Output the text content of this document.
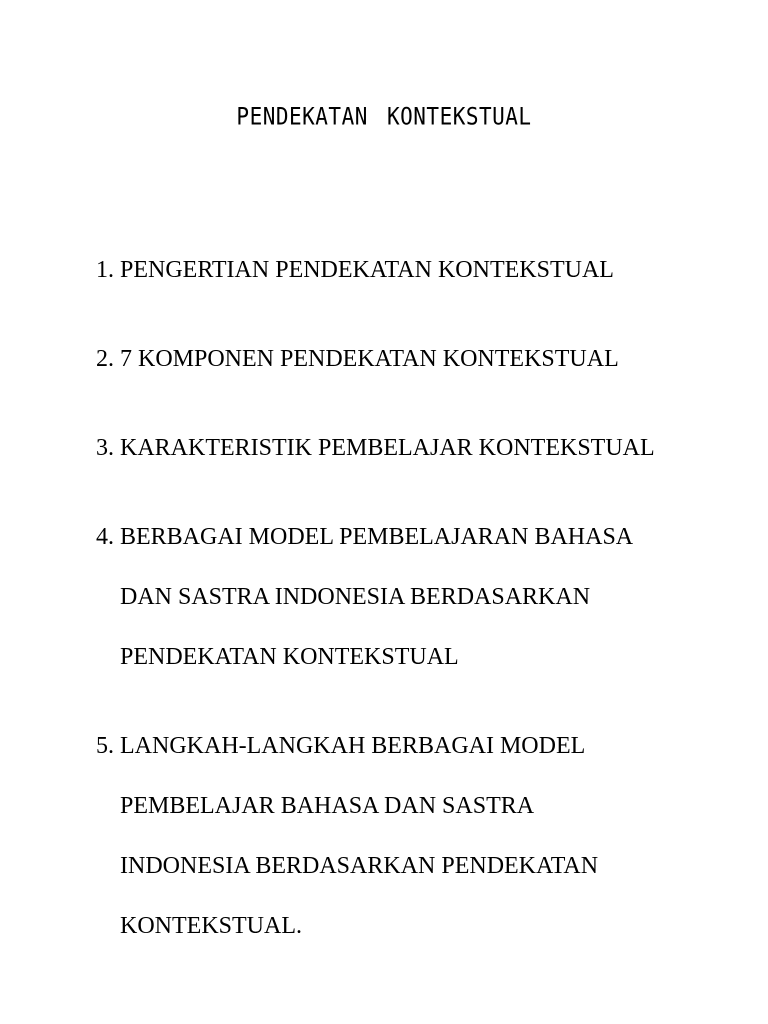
PENDEKATAN KONTEKSTUAL
1. PENGERTIAN PENDEKATAN KONTEKSTUAL
2. 7 KOMPONEN PENDEKATAN KONTEKSTUAL
3. KARAKTERISTIK PEMBELAJAR KONTEKSTUAL
4. BERBAGAI MODEL PEMBELAJARAN BAHASA
DAN SASTRA INDONESIA BERDASARKAN
PENDEKATAN KONTEKSTUAL
5. LANGKAH-LANGKAH BERBAGAI MODEL
PEMBELAJAR BAHASA DAN SASTRA
INDONESIA BERDASARKAN PENDEKATAN
KONTEKSTUAL.
